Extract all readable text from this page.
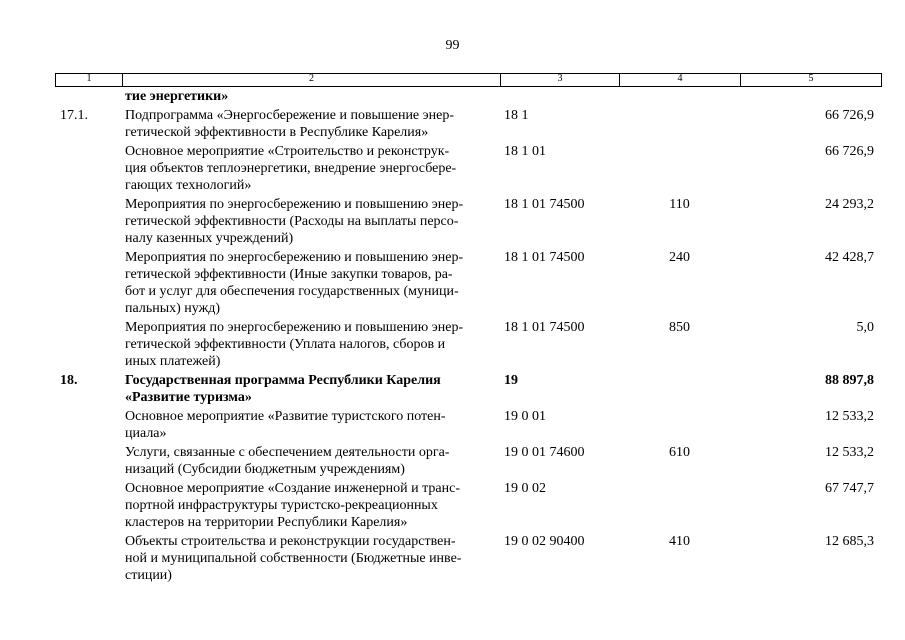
99
1	2	3	4	5
	тие энергетики»			
17.1.	Подпрограмма «Энергосбережение и повышение энер-
гетической эффективности в Республике Карелия»	18 1		66 726,9
	Основное мероприятие «Строительство и реконструк-
ция объектов теплоэнергетики, внедрение энергосбере-
гающих технологий»	18 1 01		66 726,9
	Мероприятия по энергосбережению и повышению энер-
гетической эффективности (Расходы на выплаты персо-
налу казенных учреждений)	18 1 01 74500	110	24 293,2
	Мероприятия по энергосбережению и повышению энер-
гетической эффективности (Иные закупки товаров, ра-
бот и услуг для обеспечения государственных (муници-
пальных) нужд)	18 1 01 74500	240	42 428,7
	Мероприятия по энергосбережению и повышению энер-
гетической эффективности (Уплата налогов, сборов и
иных платежей)	18 1 01 74500	850	5,0
18.	Государственная программа Республики Карелия
«Развитие туризма»	19		88 897,8
	Основное мероприятие «Развитие туристского потен-
циала»	19 0 01		12 533,2
	Услуги, связанные с обеспечением деятельности орга-
низаций (Субсидии бюджетным учреждениям)	19 0 01 74600	610	12 533,2
	Основное мероприятие «Создание инженерной и транс-
портной инфраструктуры туристско-рекреационных
кластеров на территории Республики Карелия»	19 0 02		67 747,7
	Объекты строительства и реконструкции государствен-
ной и муниципальной собственности (Бюджетные инве-
стиции)	19 0 02 90400	410	12 685,3
